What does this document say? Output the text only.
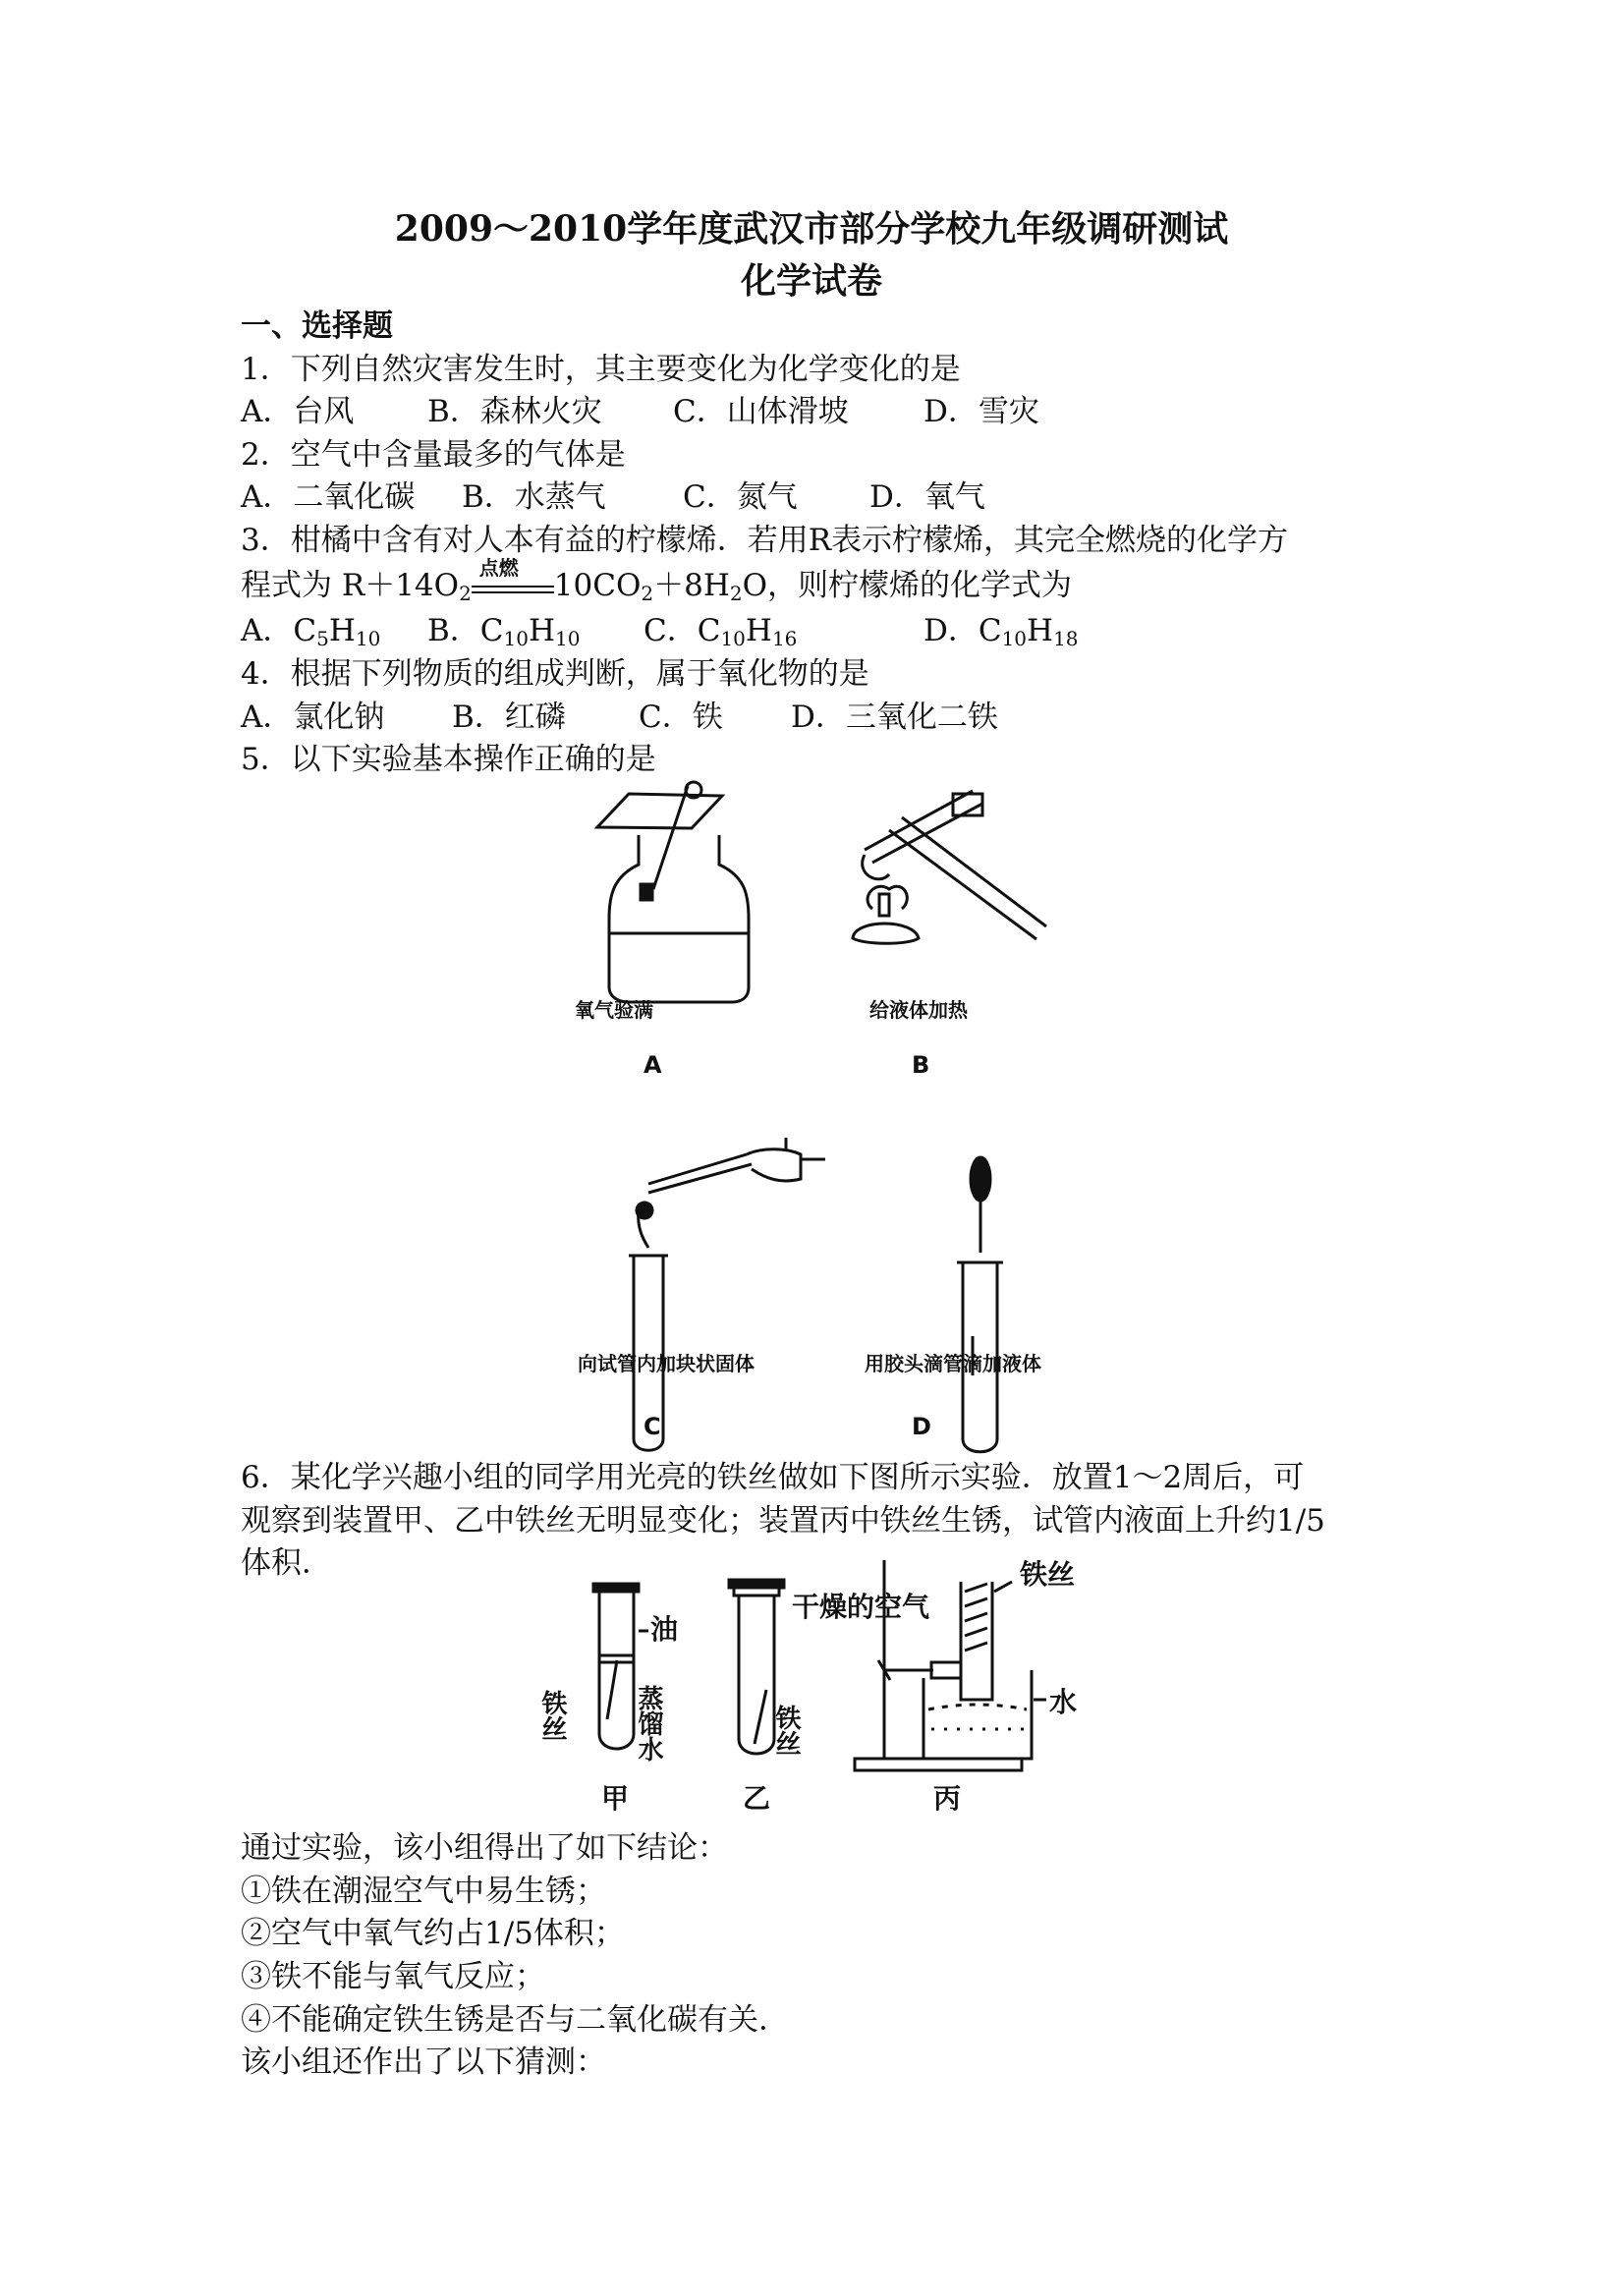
2009～2010学年度武汉市部分学校九年级调研测试
化学试卷
一、选择题
1．下列自然灾害发生时，其主要变化为化学变化的是
A．台风 B．森林火灾 C．山体滑坡 D．雪灾
2．空气中含量最多的气体是
A．二氧化碳 B．水蒸气	C．氮气 D．氧气
3．柑橘中含有对人本有益的柠檬烯．若用R表示柠檬烯，其完全燃烧的化学方
程式为 $R+14O_2$
点燃 $10CO_2+8H_2O$，则柠檬烯的化学式为
A．$C_5H_{10}$ B．$C_{10}H_{10}$ C．$C_{10}H_{16}$	D．$C_{10}H_{18}$
4．根据下列物质的组成判断，属于氧化物的是
A．氯化钠 B．红磷 C．铁 D．三氧化二铁
5．以下实验基本操作正确的是
氧气验满	给液体加热
向试管内加块状固体	用胶头滴管滴加液体
A	B
C	D
6．某化学兴趣小组的同学用光亮的铁丝做如下图所示实验．放置1～2周后，可
观察到装置甲、乙中铁丝无明显变化；装置丙中铁丝生锈，试管内液面上升约1/5
体积．
油
铁丝	蒸馏水
干燥的空气
铁丝
铁丝
水
甲	乙	丙
通过实验，该小组得出了如下结论：
①铁在潮湿空气中易生锈；
②空气中氧气约占1/5体积；
③铁不能与氧气反应；
④不能确定铁生锈是否与二氧化碳有关．
该小组还作出了以下猜测：
